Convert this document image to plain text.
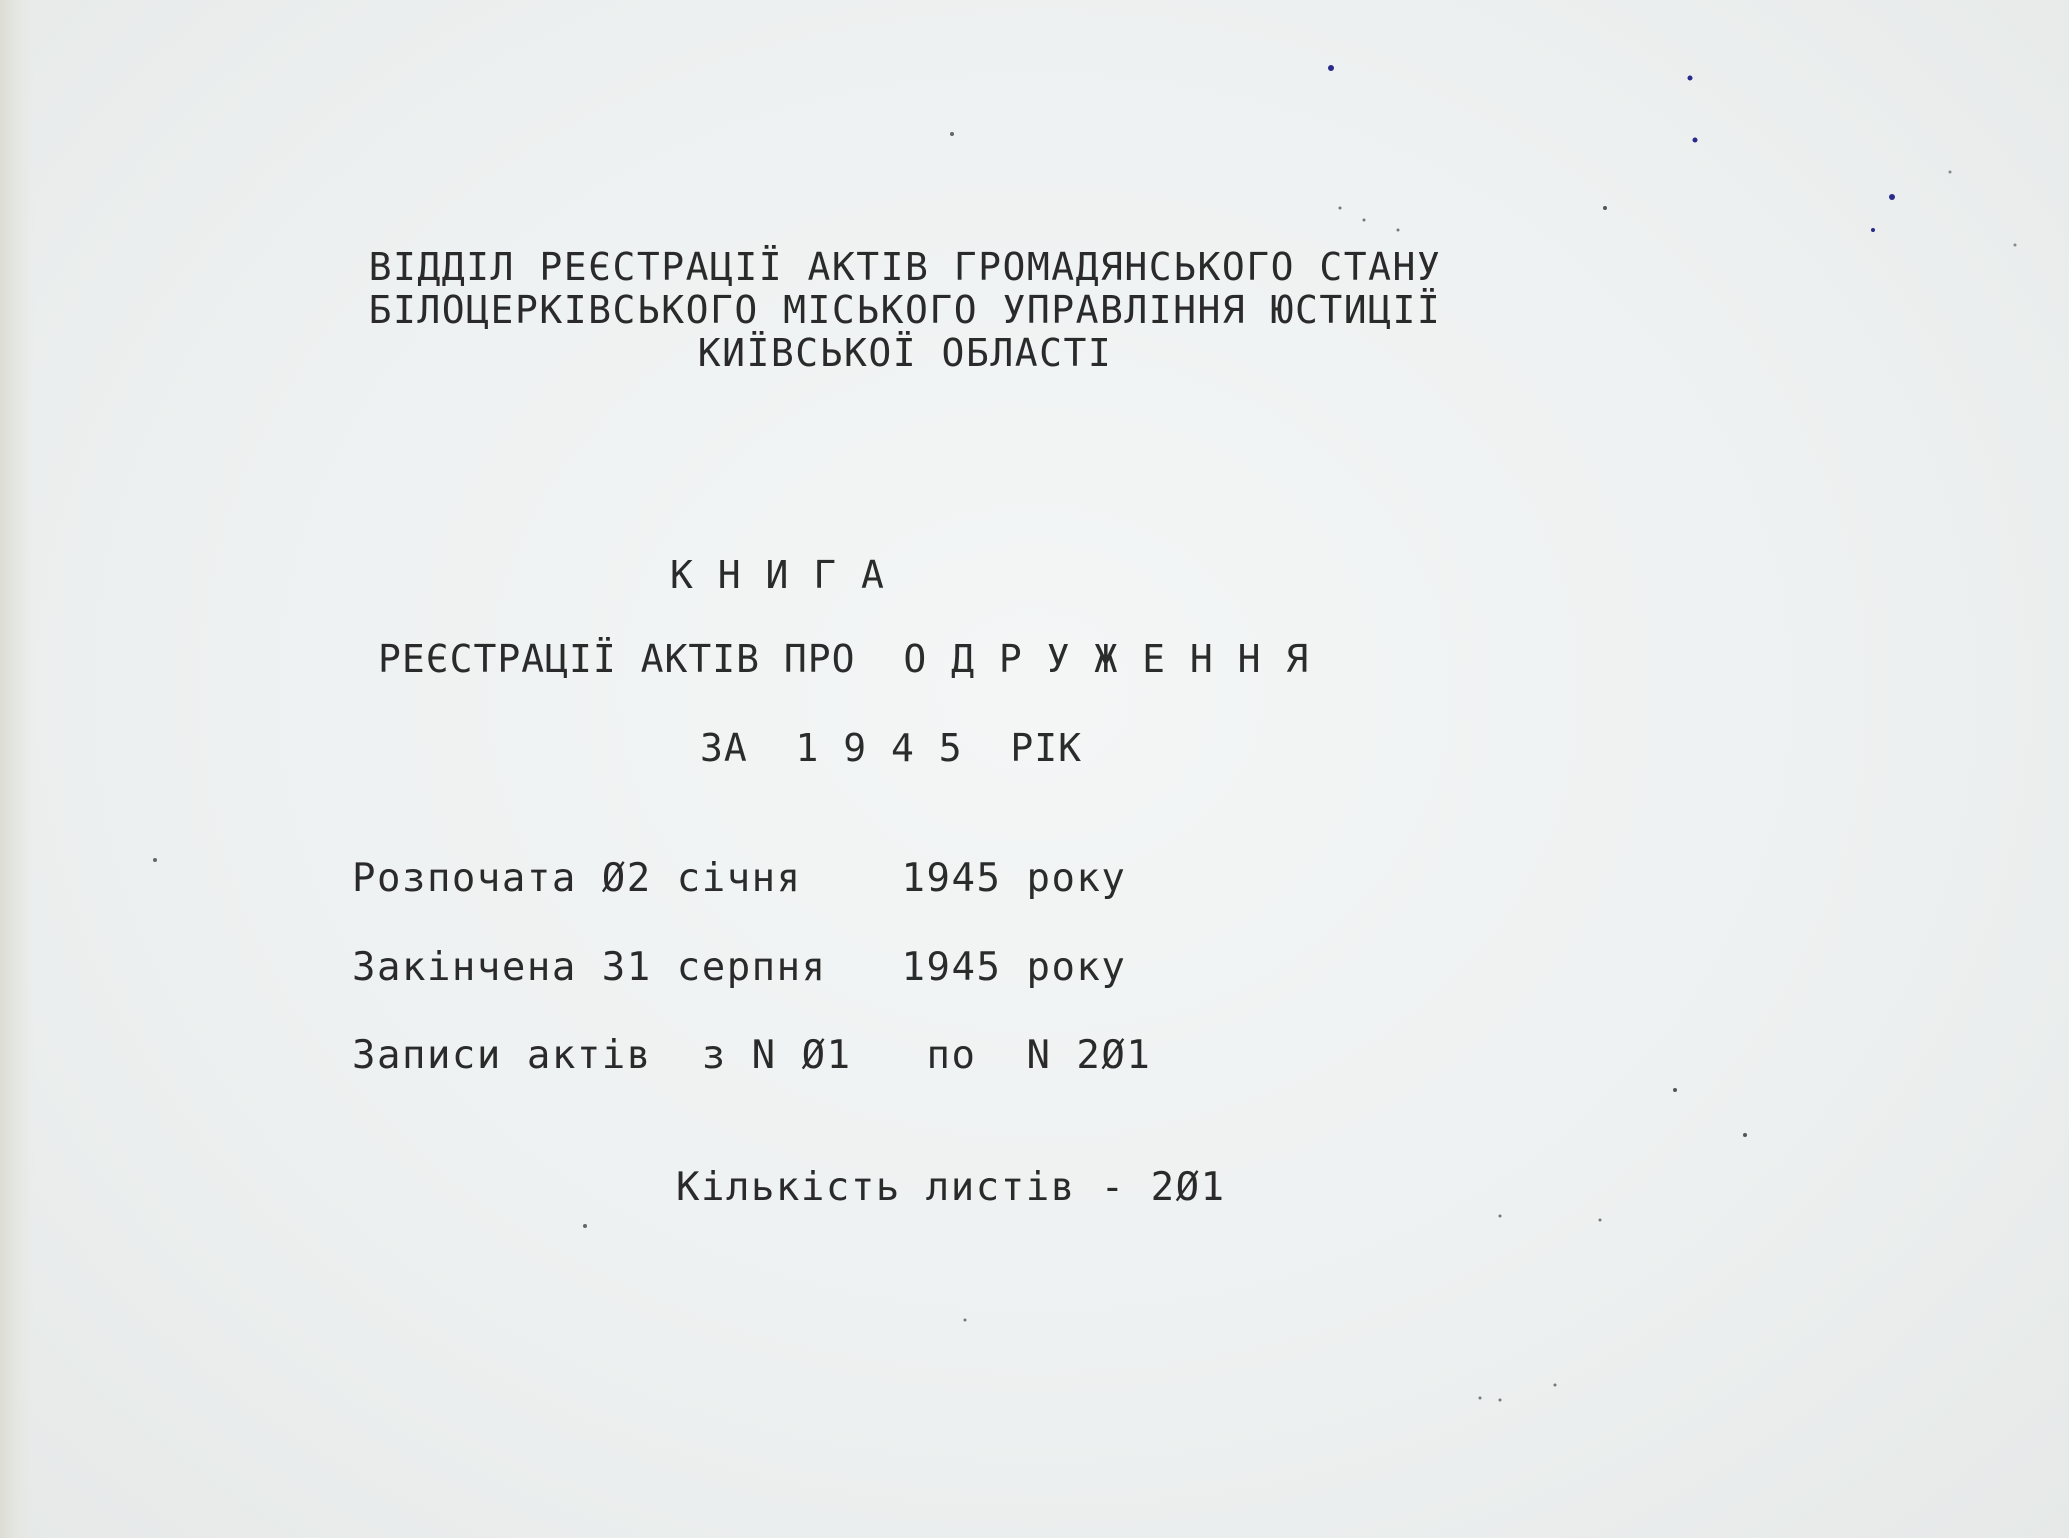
ВІДДІЛ РЕЄСТРАЦІЇ АКТІВ ГРОМАДЯНСЬКОГО СТАНУ
БІЛОЦЕРКІВСЬКОГО МІСЬКОГО УПРАВЛІННЯ ЮСТИЦІЇ
КИЇВСЬКОЇ ОБЛАСТІ
К Н И Г А
РЕЄСТРАЦІЇ АКТІВ ПРО  О Д Р У Ж Е Н Н Я
ЗА  1 9 4 5  РІК
Розпочата Ø2 січня    1945 року
Закінчена 31 серпня   1945 року
Записи актів  з N Ø1   по  N 2Ø1
Кількість листів - 2Ø1
